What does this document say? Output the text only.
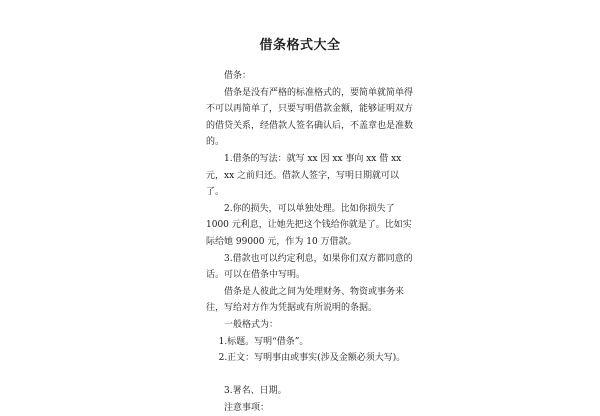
借条格式大全

借条：

借条是没有严格的标准格式的，要简单就简单得不可以再简单了，只要写明借款金额，能够证明双方的借贷关系，经借款人签名确认后，不盖章也是准数的。

1.借条的写法：就写 xx 因 xx 事向 xx 借 xx 元，xx 之前归还。借款人签字，写明日期就可以了。

2.你的损失，可以单独处理。比如你损失了 1000 元利息，让她先把这个钱给你就是了。比如实际给她 99000 元，作为 10 万借款。

3.借款也可以约定利息，如果你们双方都同意的话。可以在借条中写明。

借条是人彼此之间为处理财务、物资或事务来往，写给对方作为凭据或有所说明的条据。

一般格式为：

1.标题。写明“借条”。

2.正文：写明事由或事实(涉及金额必须大写)。

3.署名、日期。

注意事项：
